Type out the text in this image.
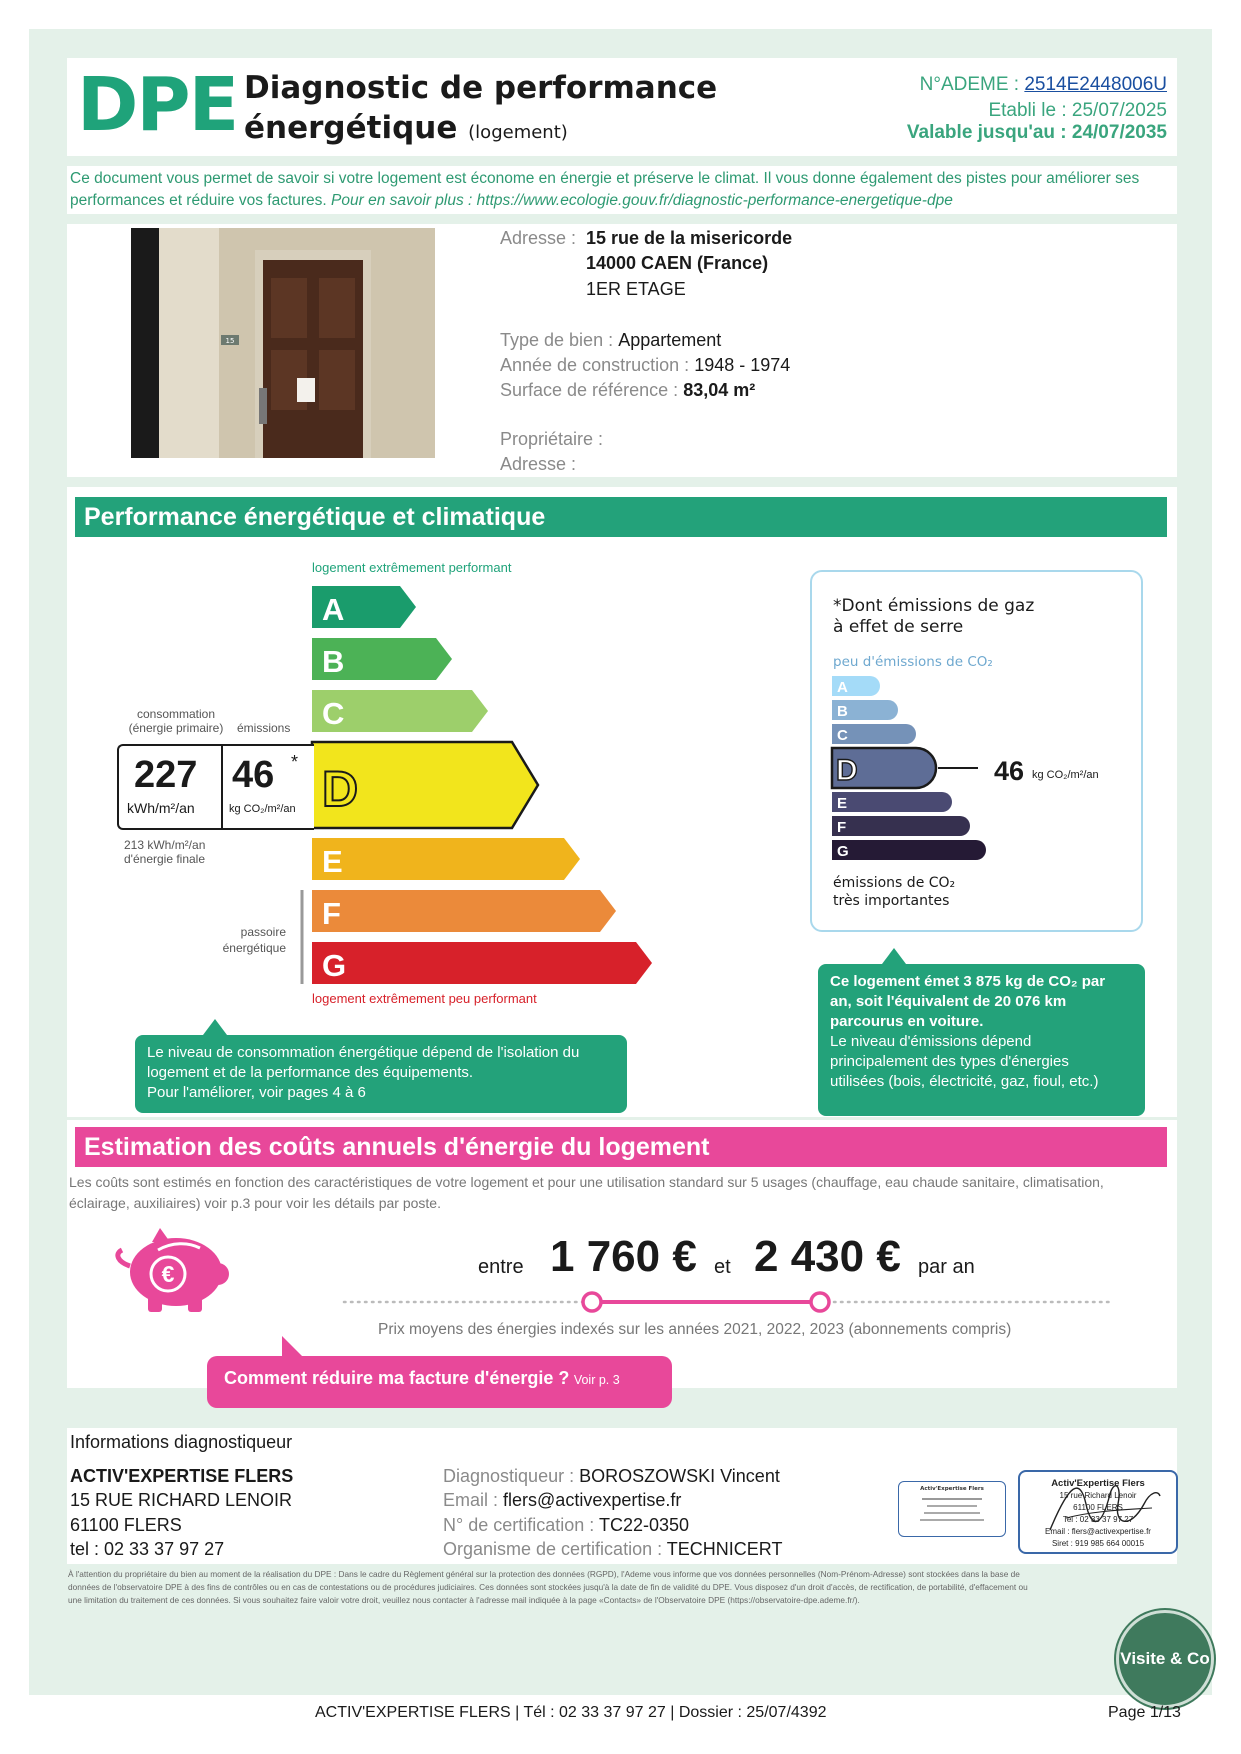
DPE Diagnostic de performance
énergétique (logement)
N°ADEME : 2514E2448006U
Etabli le : 25/07/2025
Valable jusqu'au : 24/07/2035
Ce document vous permet de savoir si votre logement est économe en énergie et préserve le climat. Il vous donne également des pistes pour améliorer ses performances et réduire vos factures. Pour en savoir plus : https://www.ecologie.gouv.fr/diagnostic-performance-energetique-dpe
15
Adresse : 15 rue de la misericorde
14000 CAEN (France)
1ER ETAGE
Type de bien : Appartement
Année de construction : 1948 - 1974
Surface de référence : 83,04 m²
Propriétaire :
Adresse :
Performance énergétique et climatique
logement extrêmement performant
A
B
C
D
E
F
G
consommation
(énergie primaire) émissions
227
kWh/m²/an
46 *
kg CO₂/m²/an
213 kWh/m²/an
d'énergie finale
passoire
énergétique
logement extrêmement peu performant
Le niveau de consommation énergétique dépend de l'isolation du
logement et de la performance des équipements.
Pour l'améliorer, voir pages 4 à 6
*Dont émissions de gaz
à effet de serre
peu d'émissions de CO₂
A
B
C
D
E
F
G
46 kg CO₂/m²/an
émissions de CO₂
très importantes
Ce logement émet 3 875 kg de CO₂ par
an, soit l'équivalent de 20 076 km
parcourus en voiture.
Le niveau d'émissions dépend
principalement des types d'énergies
utilisées (bois, électricité, gaz, fioul, etc.)
Estimation des coûts annuels d'énergie du logement
Les coûts sont estimés en fonction des caractéristiques de votre logement et pour une utilisation standard sur 5 usages (chauffage, eau chaude sanitaire, climatisation,
éclairage, auxiliaires) voir p.3 pour voir les détails par poste.
€	entre 1 760 € et 2 430 € par an
Prix moyens des énergies indexés sur les années 2021, 2022, 2023 (abonnements compris)
Comment réduire ma facture d'énergie ? Voir p. 3
Informations diagnostiqueur
ACTIV'EXPERTISE FLERS
15 RUE RICHARD LENOIR
61100 FLERS
tel : 02 33 37 97 27
Diagnostiqueur : BOROSZOWSKI Vincent
Email : flers@activexpertise.fr
N° de certification : TC22-0350
Organisme de certification : TECHNICERT
Activ'Expertise Flers	Activ'Expertise Flers
15 rue Richard Lenoir
61100 FLERS
Tel : 02 33 37 97 27
Email : flers@activexpertise.fr
Siret : 919 985 664 00015
À l'attention du propriétaire du bien au moment de la réalisation du DPE : Dans le cadre du Règlement général sur la protection des données (RGPD), l'Ademe vous informe que vos données personnelles (Nom-Prénom-Adresse) sont stockées dans la base de
données de l'observatoire DPE à des fins de contrôles ou en cas de contestations ou de procédures judiciaires. Ces données sont stockées jusqu'à la date de fin de validité du DPE. Vous disposez d'un droit d'accès, de rectification, de portabilité, d'effacement ou
une limitation du traitement de ces données. Si vous souhaitez faire valoir votre droit, veuillez nous contacter à l'adresse mail indiquée à la page «Contacts» de l'Observatoire DPE (https://observatoire-dpe.ademe.fr/).
Visite & Co
ACTIV'EXPERTISE FLERS | Tél : 02 33 37 97 27 | Dossier : 25/07/4392	Page 1/13
